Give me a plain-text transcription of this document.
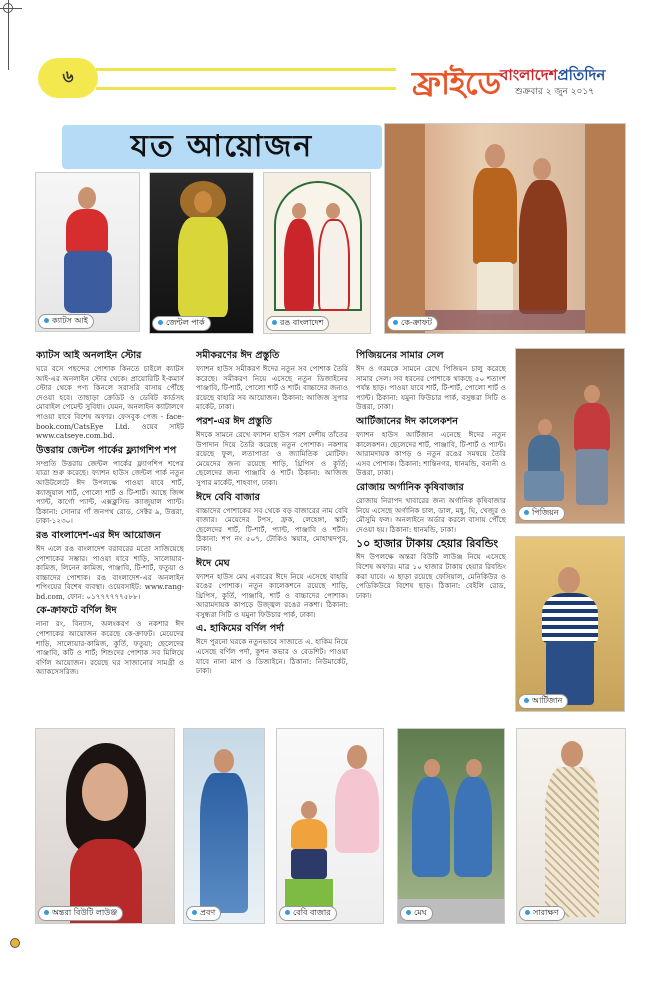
৬	ফ্রাইডে বাংলাদেশপ্রতিদিন
শুক্রবার ২ জুন ২০১৭
যত আয়োজন
ক্যাটস আই	জেন্টল পার্ক	রঙ বাংলাদেশ	কে-ক্রাফট
ক্যাটস আই অনলাইন স্টোর

ঘরে বসে পছন্দের পোশাক কিনতে চাইলে ক্যাটস আই-এর অনলাইন স্টোর থেকে। প্রায়োরিটি ই-কমার্স স্টোর থেকে পণ্য কিনলে সরাসরি বাসায় পৌঁছে দেওয়া হবে। তাছাড়া ক্রেডিট ও ডেবিট কার্ডসহ মোবাইল পেমেন্ট সুবিধা। যেমন, অনলাইন ক্যাটালগে পাওয়া যাবে বিশেষ অফার। ফেসবুক পেজ - face-book.com/CatsEye Ltd. ওয়েব সাইট www.catseye.com.bd.

উত্তরায় জেন্টল পার্কের ফ্ল্যাগশিপ শপ

সম্প্রতি উত্তরায় জেন্টল পার্কের ফ্ল্যাগশিপ শপের যাত্রা শুরু করেছে। ফ্যাশন হাউস জেন্টল পার্ক নতুন আউটলেটে ঈদ উপলক্ষে পাওয়া যাবে শার্ট, ক্যাজুয়াল শার্ট, পোলো শার্ট ও টি-শার্ট। আছে জিন্স প্যান্ট, কার্গো প্যান্ট, এক্সক্লুসিভ ক্যাজুয়াল প্যান্ট। ঠিকানা: সোনার গাঁ জনপথ রোড, সেক্টর ৯, উত্তরা, ঢাকা-১২৩০।

রঙ বাংলাদেশ-এর ঈদ আয়োজন

ঈদ এলে রঙ বাংলাদেশ বরাবরের মতো সাজিয়েছে পোশাকের সম্ভার। পাওয়া যাবে শাড়ি, সালোয়ার-কামিজ, লিনেন কামিজ, পাঞ্জাবি, টি-শার্ট, ফতুয়া ও বাচ্চাদের পোশাক। রঙ বাংলাদেশ-এর অনলাইন শপিংয়ের বিশেষ ব্যবস্থা। ওয়েবসাইট: www.rang-bd.com, ফোন: ০১৭৭৭৭৭৭৫৮৮।

কে-ক্রাফটে বর্ণিল ঈদ

নানা রং, বিন্যাস, অলংকরণ ও নকশার ঈদ পোশাকের আয়োজন করেছে কে-ক্রাফট। মেয়েদের শাড়ি, সালোয়ার-কামিজ, কুর্তি, ফতুয়া; ছেলেদের পাঞ্জাবি, কটি ও শার্ট; শিশুদের পোশাক সব মিলিয়ে বর্ণিল আয়োজন। রয়েছে ঘর সাজানোর সামগ্রী ও অ্যাকসেসরিজ।

সমীকরণের ঈদ প্রস্তুতি

ফ্যাশন হাউস সমীকরণ ঈদের নতুন সব পোশাক তৈরি করেছে। সমীকরণ নিয়ে এসেছে নতুন ডিজাইনের পাঞ্জাবি, টি-শার্ট, পোলো শার্ট ও শার্ট। বাচ্চাদের জন্যও রয়েছে বাহারি সব আয়োজন। ঠিকানা: আজিজ সুপার মার্কেট, ঢাকা।

পরশ-এর ঈদ প্রস্তুতি

ঈদকে সামনে রেখে ফ্যাশন হাউস পরশ দেশীয় তাঁতের উপাদান দিয়ে তৈরি করেছে নতুন পোশাক। নকশায় রয়েছে ফুল, লতাপাতা ও জ্যামিতিক মোটিফ। মেয়েদের জন্য রয়েছে শাড়ি, থ্রিপিস ও কুর্তি; ছেলেদের জন্য পাঞ্জাবি ও শার্ট। ঠিকানা: আজিজ সুপার মার্কেট, শাহবাগ, ঢাকা।

ঈদে বেবি বাজার

বাচ্চাদের পোশাকের সব থেকে বড় বাজারের নাম বেবি বাজার। মেয়েদের টপস, ফ্রক, লেহেঙ্গা, স্কার্ট; ছেলেদের শার্ট, টি-শার্ট, প্যান্ট, পাঞ্জাবি ও শর্টস। ঠিকানা: শপ নং ৫০৭, টোকিও স্কয়ার, মোহাম্মদপুর, ঢাকা।

ঈদে মেঘ

ফ্যাশন হাউস মেঘ এবারের ঈদে নিয়ে এসেছে বাহারি রঙের পোশাক। নতুন কালেকশনে রয়েছে শাড়ি, থ্রিপিস, কুর্তি, পাঞ্জাবি, শার্ট ও বাচ্চাদের পোশাক। আরামদায়ক কাপড়ে উজ্জ্বল রঙের নকশা। ঠিকানা: বসুন্ধরা সিটি ও যমুনা ফিউচার পার্ক, ঢাকা।

এ. হাকিমের বর্ণিল পর্দা

ঈদে পুরনো ঘরকে নতুনভাবে সাজাতে এ. হাকিম নিয়ে এসেছে বর্ণিল পর্দা, কুশন কভার ও বেডশিট। পাওয়া যাবে নানা মাপ ও ডিজাইনে। ঠিকানা: নিউমার্কেট, ঢাকা।

পিজিয়নের সামার সেল

ঈদ ও গরমকে সামনে রেখে পিজিয়ন চালু করেছে সামার সেল। সব ধরনের পোশাকে থাকছে ৫০ শতাংশ পর্যন্ত ছাড়। পাওয়া যাবে শার্ট, টি-শার্ট, পোলো শার্ট ও প্যান্ট। ঠিকানা: যমুনা ফিউচার পার্ক, বসুন্ধরা সিটি ও উত্তরা, ঢাকা।

আর্টিজানের ঈদ কালেকশন

ফ্যাশন হাউস আর্টিজান এনেছে ঈদের নতুন কালেকশন। ছেলেদের শার্ট, পাঞ্জাবি, টি-শার্ট ও প্যান্ট। আরামদায়ক কাপড় ও নতুন রঙের সমন্বয়ে তৈরি এসব পোশাক। ঠিকানা: শান্তিনগর, ধানমন্ডি, বনানী ও উত্তরা, ঢাকা।

রোজায় অর্গানিক কৃষিবাজার

রোজায় নিরাপদ খাবারের জন্য অর্গানিক কৃষিবাজার নিয়ে এসেছে অর্গানিক চাল, ডাল, মধু, ঘি, খেজুর ও মৌসুমি ফল। অনলাইনে অর্ডার করলে বাসায় পৌঁছে দেওয়া হয়। ঠিকানা: ধানমন্ডি, ঢাকা।

১০ হাজার টাকায় হেয়ার রিবন্ডিং

ঈদ উপলক্ষে অন্তরা বিউটি লাউঞ্জ নিয়ে এসেছে বিশেষ অফার। মাত্র ১০ হাজার টাকায় হেয়ার রিবন্ডিং করা যাবে। এ ছাড়া রয়েছে ফেসিয়াল, মেনিকিউর ও পেডিকিউরে বিশেষ ছাড়। ঠিকানা: বেইলি রোড, ঢাকা।

পিজিয়ন
আর্টিজান
অন্তরা বিউটি লাউঞ্জ	প্রবণ	বেবি বাজার	মেঘ	সারাক্ষণ
